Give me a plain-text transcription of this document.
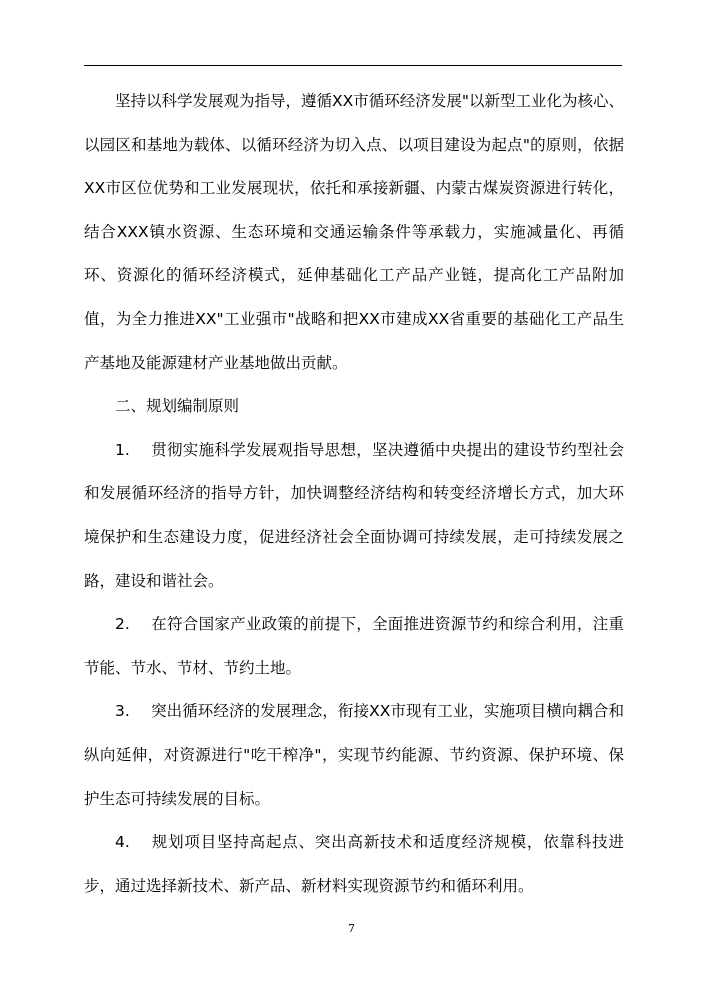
坚持以科学发展观为指导，遵循XX市循环经济发展"以新型工业化为核心、以园区和基地为载体、以循环经济为切入点、以项目建设为起点"的原则，依据XX市区位优势和工业发展现状，依托和承接新疆、内蒙古煤炭资源进行转化，结合XXX镇水资源、生态环境和交通运输条件等承载力，实施减量化、再循环、资源化的循环经济模式，延伸基础化工产品产业链，提高化工产品附加值，为全力推进XX"工业强市"战略和把XX市建成XX省重要的基础化工产品生产基地及能源建材产业基地做出贡献。

二、规划编制原则

1. 贯彻实施科学发展观指导思想，坚决遵循中央提出的建设节约型社会和发展循环经济的指导方针，加快调整经济结构和转变经济增长方式，加大环境保护和生态建设力度，促进经济社会全面协调可持续发展，走可持续发展之路，建设和谐社会。

2. 在符合国家产业政策的前提下，全面推进资源节约和综合利用，注重节能、节水、节材、节约土地。

3. 突出循环经济的发展理念，衔接XX市现有工业，实施项目横向耦合和纵向延伸，对资源进行"吃干榨净"，实现节约能源、节约资源、保护环境、保护生态可持续发展的目标。

4. 规划项目坚持高起点、突出高新技术和适度经济规模，依靠科技进步，通过选择新技术、新产品、新材料实现资源节约和循环利用。

7
